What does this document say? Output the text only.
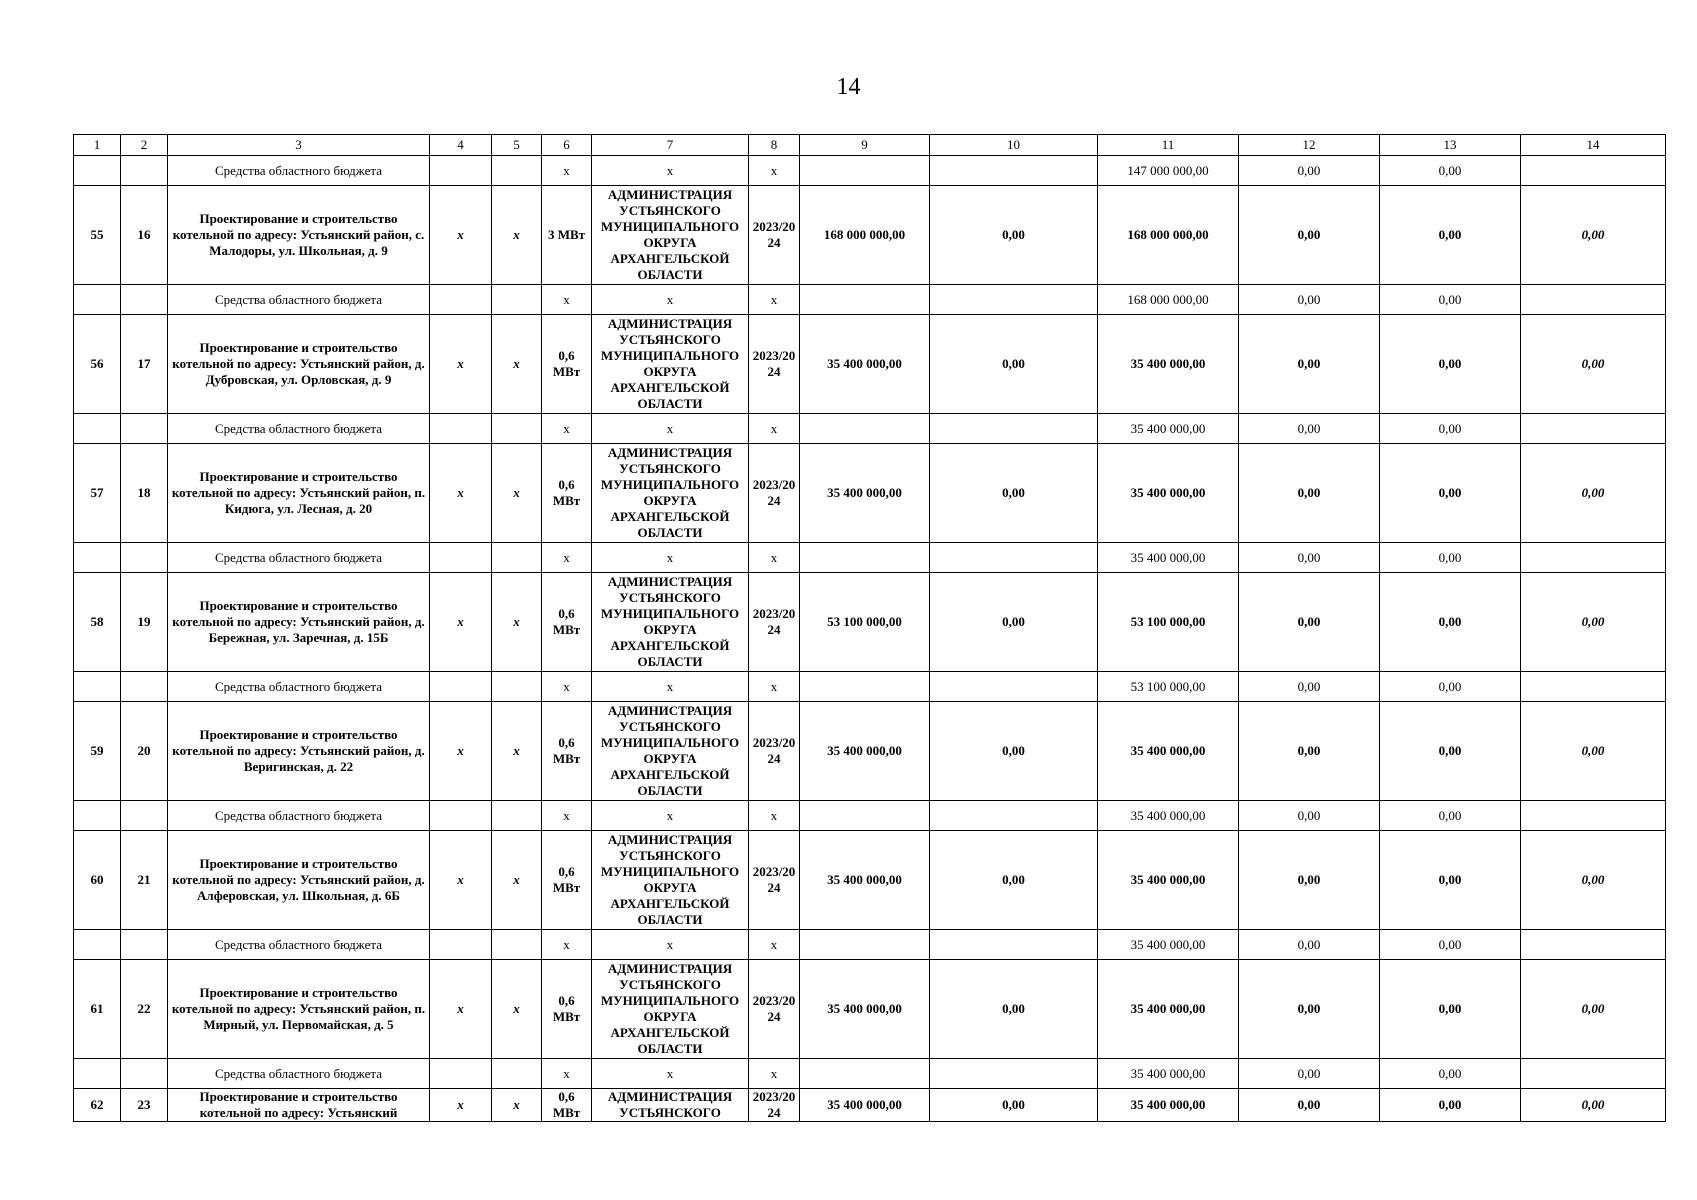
14
1	2	3	4	5	6	7	8	9	10	11	12	13	14
		Средства областного бюджета			х	х	х			147 000 000,00	0,00	0,00	
55	16	Проектирование и строительство котельной по адресу: Устьянский район, с. Малодоры, ул. Школьная, д. 9	x	x	3 МВт	АДМИНИСТРАЦИЯ УСТЬЯНСКОГО МУНИЦИПАЛЬНОГО ОКРУГА АРХАНГЕЛЬСКОЙ ОБЛАСТИ	2023/20 24	168 000 000,00	0,00	168 000 000,00	0,00	0,00	0,00
		Средства областного бюджета			х	х	х			168 000 000,00	0,00	0,00	
56	17	Проектирование и строительство котельной по адресу: Устьянский район, д. Дубровская, ул. Орловская, д. 9	x	x	0,6 МВт	АДМИНИСТРАЦИЯ УСТЬЯНСКОГО МУНИЦИПАЛЬНОГО ОКРУГА АРХАНГЕЛЬСКОЙ ОБЛАСТИ	2023/20 24	35 400 000,00	0,00	35 400 000,00	0,00	0,00	0,00
		Средства областного бюджета			х	х	х			35 400 000,00	0,00	0,00	
57	18	Проектирование и строительство котельной по адресу: Устьянский район, п. Кидюга, ул. Лесная, д. 20	x	x	0,6 МВт	АДМИНИСТРАЦИЯ УСТЬЯНСКОГО МУНИЦИПАЛЬНОГО ОКРУГА АРХАНГЕЛЬСКОЙ ОБЛАСТИ	2023/20 24	35 400 000,00	0,00	35 400 000,00	0,00	0,00	0,00
		Средства областного бюджета			х	х	х			35 400 000,00	0,00	0,00	
58	19	Проектирование и строительство котельной по адресу: Устьянский район, д. Бережная, ул. Заречная, д. 15Б	x	x	0,6 МВт	АДМИНИСТРАЦИЯ УСТЬЯНСКОГО МУНИЦИПАЛЬНОГО ОКРУГА АРХАНГЕЛЬСКОЙ ОБЛАСТИ	2023/20 24	53 100 000,00	0,00	53 100 000,00	0,00	0,00	0,00
		Средства областного бюджета			х	х	х			53 100 000,00	0,00	0,00	
59	20	Проектирование и строительство котельной по адресу: Устьянский район, д. Веригинская, д. 22	x	x	0,6 МВт	АДМИНИСТРАЦИЯ УСТЬЯНСКОГО МУНИЦИПАЛЬНОГО ОКРУГА АРХАНГЕЛЬСКОЙ ОБЛАСТИ	2023/20 24	35 400 000,00	0,00	35 400 000,00	0,00	0,00	0,00
		Средства областного бюджета			х	х	х			35 400 000,00	0,00	0,00	
60	21	Проектирование и строительство котельной по адресу: Устьянский район, д. Алферовская, ул. Школьная, д. 6Б	x	x	0,6 МВт	АДМИНИСТРАЦИЯ УСТЬЯНСКОГО МУНИЦИПАЛЬНОГО ОКРУГА АРХАНГЕЛЬСКОЙ ОБЛАСТИ	2023/20 24	35 400 000,00	0,00	35 400 000,00	0,00	0,00	0,00
		Средства областного бюджета			х	х	х			35 400 000,00	0,00	0,00	
61	22	Проектирование и строительство котельной по адресу: Устьянский район, п. Мирный, ул. Первомайская, д. 5	x	x	0,6 МВт	АДМИНИСТРАЦИЯ УСТЬЯНСКОГО МУНИЦИПАЛЬНОГО ОКРУГА АРХАНГЕЛЬСКОЙ ОБЛАСТИ	2023/20 24	35 400 000,00	0,00	35 400 000,00	0,00	0,00	0,00
		Средства областного бюджета			х	х	х			35 400 000,00	0,00	0,00	
62	23	Проектирование и строительство котельной по адресу: Устьянский	x	x	0,6 МВт	АДМИНИСТРАЦИЯ УСТЬЯНСКОГО	2023/20 24	35 400 000,00	0,00	35 400 000,00	0,00	0,00	0,00
